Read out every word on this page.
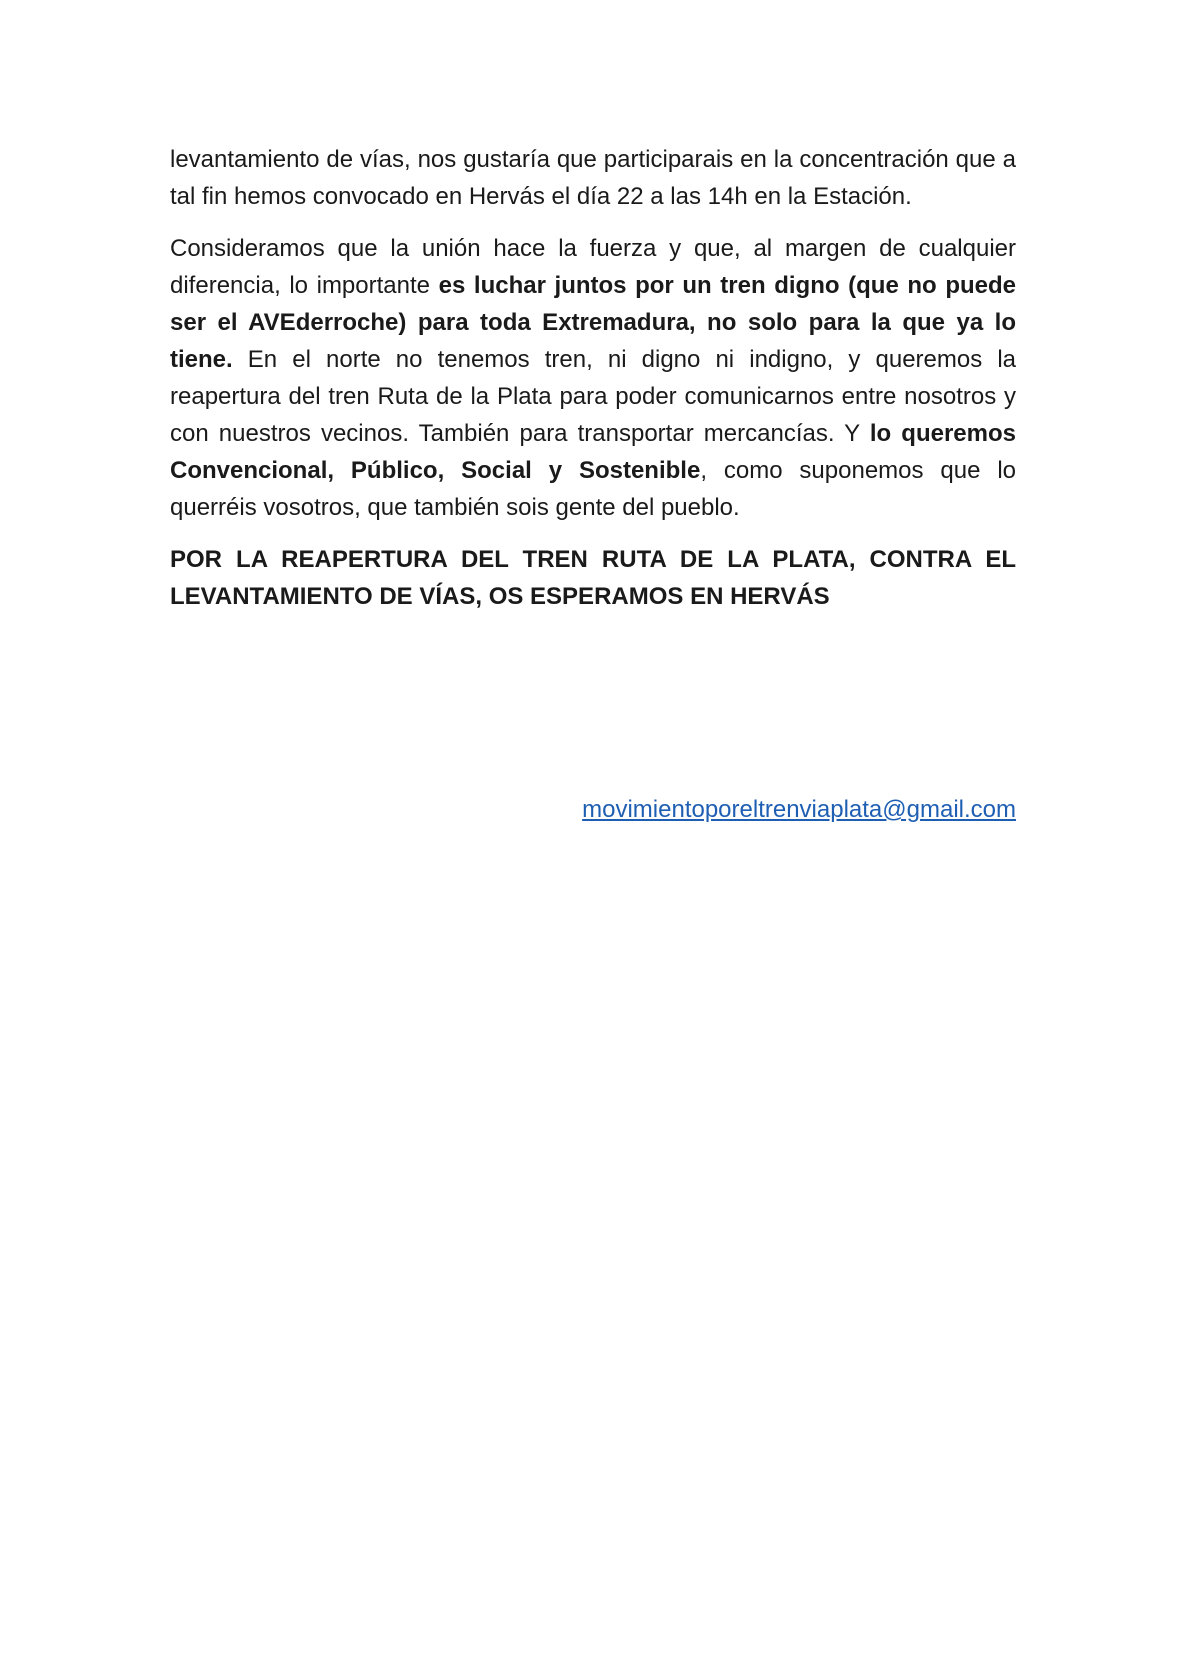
levantamiento de vías, nos gustaría que participarais en la concentración que a tal fin hemos convocado en Hervás el día 22 a las 14h en la Estación.

Consideramos que la unión hace la fuerza y que, al margen de cualquier diferencia, lo importante es luchar juntos por un tren digno (que no puede ser el AVEderroche) para toda Extremadura, no solo para la que ya lo tiene. En el norte no tenemos tren, ni digno ni indigno, y queremos la reapertura del tren Ruta de la Plata para poder comunicarnos entre nosotros y con nuestros vecinos. También para transportar mercancías. Y lo queremos Convencional, Público, Social y Sostenible, como suponemos que lo querréis vosotros, que también sois gente del pueblo.

POR LA REAPERTURA DEL TREN RUTA DE LA PLATA, CONTRA EL LEVANTAMIENTO DE VÍAS, OS ESPERAMOS EN HERVÁS

movimientoporeltrenviaplata@gmail.com
